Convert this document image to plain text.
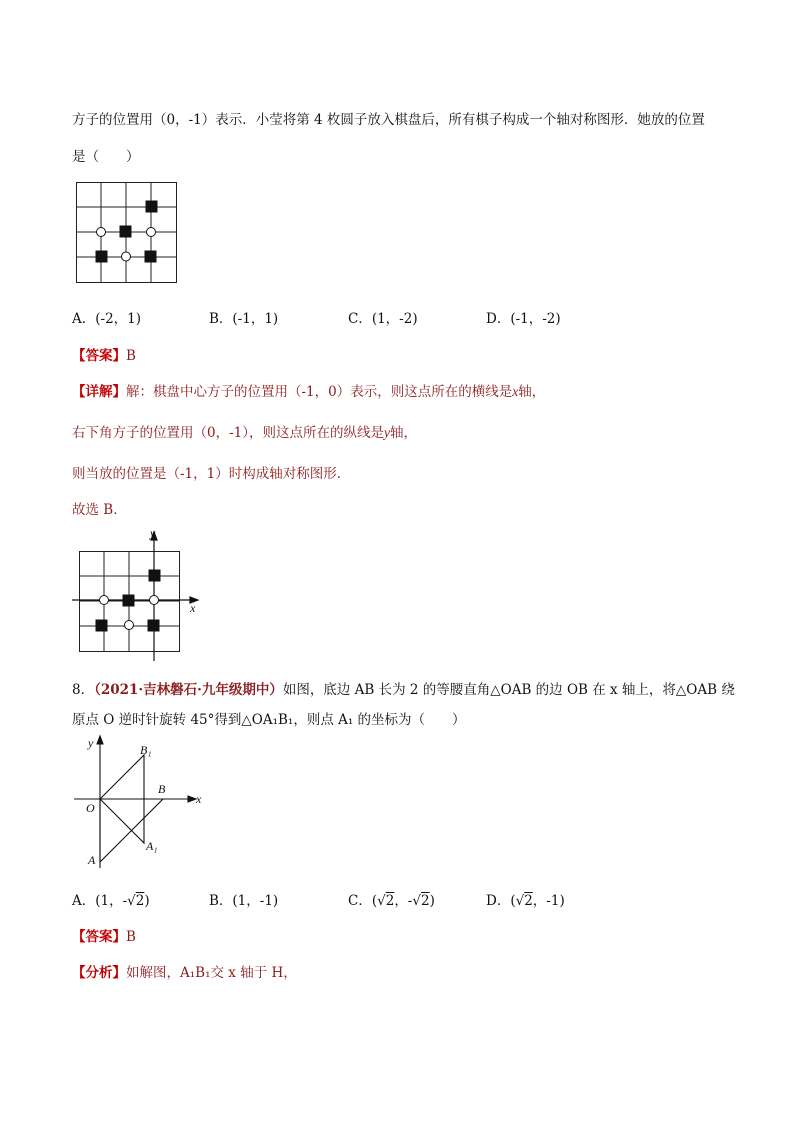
方子的位置用（0，-1）表示．小莹将第 4 枚圆子放入棋盘后，所有棋子构成一个轴对称图形．她放的位置
是（　　）
A．(-2，1)	B．(-1，1)	C．(1，-2)	D．(-1，-2)
【答案】B
【详解】解：棋盘中心方子的位置用（-1，0）表示，则这点所在的横线是x轴，
右下角方子的位置用（0，-1），则这点所在的纵线是y轴，
则当放的位置是（-1，1）时构成轴对称图形．
故选 B．
y
x
8．（2021·吉林磐石·九年级期中）如图，底边 AB 长为 2 的等腰直角△OAB 的边 OB 在 x 轴上，将△OAB 绕
原点 O 逆时针旋转 45°得到△OA₁B₁，则点 A₁ 的坐标为（　　）
y
x
O
A
B
B₁
A₁
A．(1，-√2)	B．(1，-1)	C．(√2，-√2)	D．(√2，-1)
【答案】B
【分析】如解图，A₁B₁交 x 轴于 H，
